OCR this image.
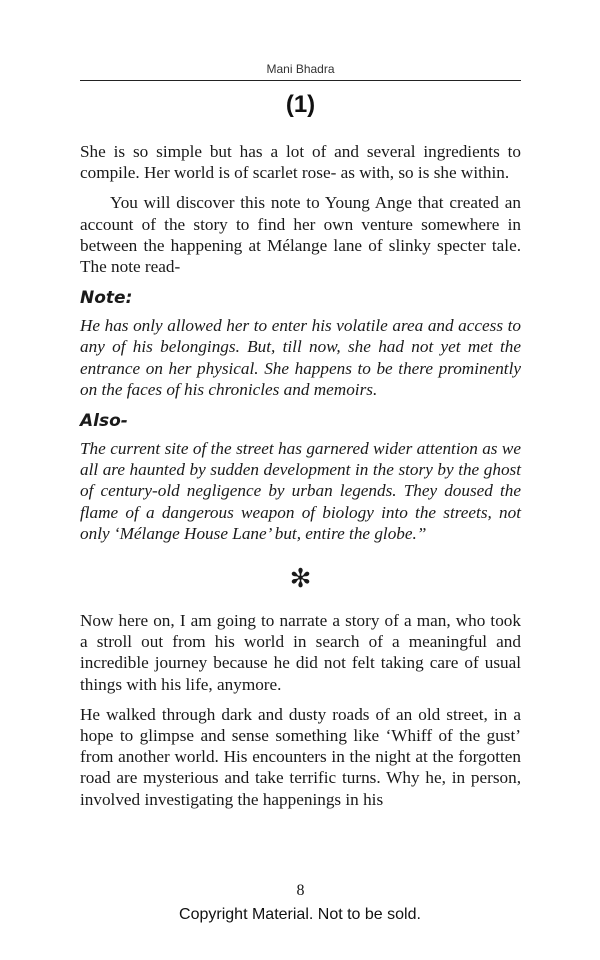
Mani Bhadra
(1)

She is so simple but has a lot of and several ingredients to compile. Her world is of scarlet rose- as with, so is she within.

You will discover this note to Young Ange that created an account of the story to find her own venture somewhere in between the happening at Mélange lane of slinky specter tale. The note read-

Note:

He has only allowed her to enter his volatile area and access to any of his belongings. But, till now, she had not yet met the entrance on her physical. She happens to be there prominently on the faces of his chronicles and memoirs.

Also-

The current site of the street has garnered wider attention as we all are haunted by sudden development in the story by the ghost of century-old negligence by urban legends. They doused the flame of a dangerous weapon of biology into the streets, not only ‘Mélange House Lane’ but, entire the globe.”

✻

Now here on, I am going to narrate a story of a man, who took a stroll out from his world in search of a meaningful and incredible journey because he did not felt taking care of usual things with his life, anymore.

He walked through dark and dusty roads of an old street, in a hope to glimpse and sense something like ‘Whiff of the gust’ from another world. His encounters in the night at the forgotten road are mysterious and take terrific turns. Why he, in person, involved investigating the happenings in his

8
Copyright Material. Not to be sold.
